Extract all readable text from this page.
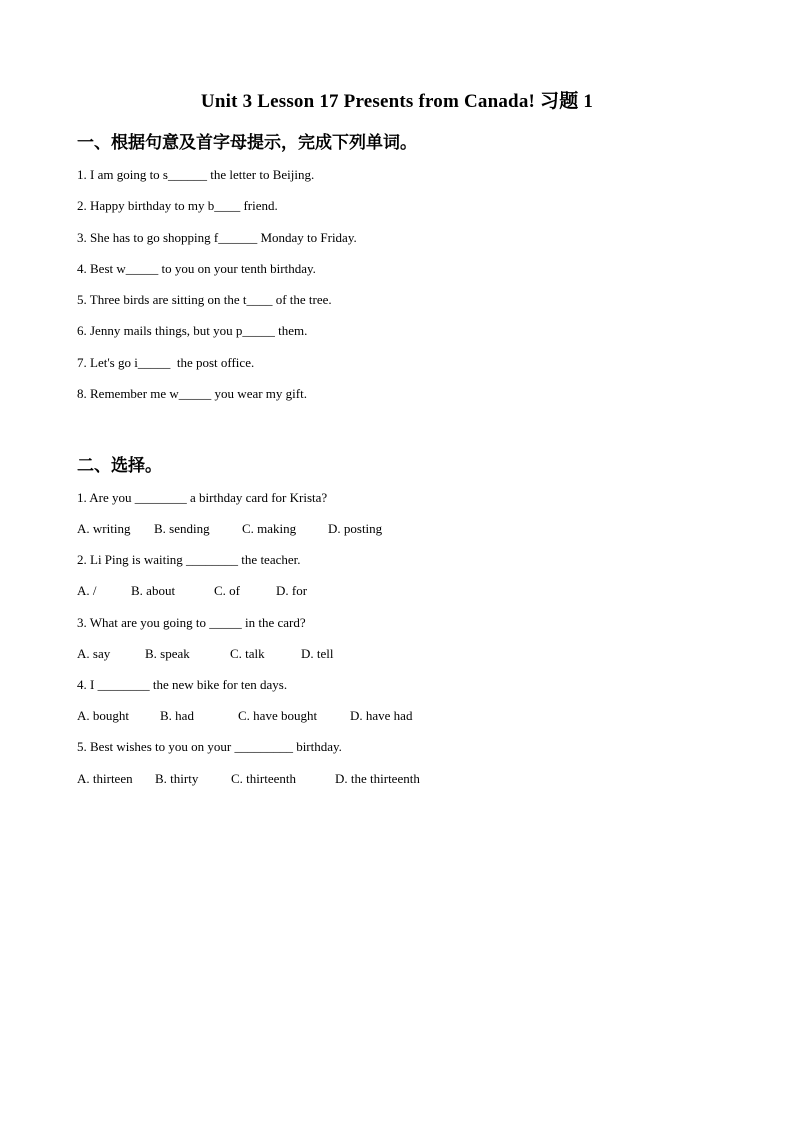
Unit 3 Lesson 17 Presents from Canada! 习题 1
一、根据句意及首字母提示，完成下列单词。

1. I am going to s______ the letter to Beijing.

2. Happy birthday to my b____ friend.

3. She has to go shopping f______ Monday to Friday.

4. Best w_____ to you on your tenth birthday.

5. Three birds are sitting on the t____ of the tree.

6. Jenny mails things, but you p_____ them.

7. Let's go i_____  the post office.

8. Remember me w_____ you wear my gift.

二、选择。

1. Are you ________ a birthday card for Krista?

A. writing B. sending C. making D. posting

2. Li Ping is waiting ________ the teacher.

A. /	B. about	C. of	D. for

3. What are you going to _____ in the card?

A. say	B. speak	C. talk	D. tell

4. I ________ the new bike for ten days.

A. bought B. had	C. have bought	D. have had

5. Best wishes to you on your _________ birthday.

A. thirteen B. thirty	C. thirteenth	D. the thirteenth
